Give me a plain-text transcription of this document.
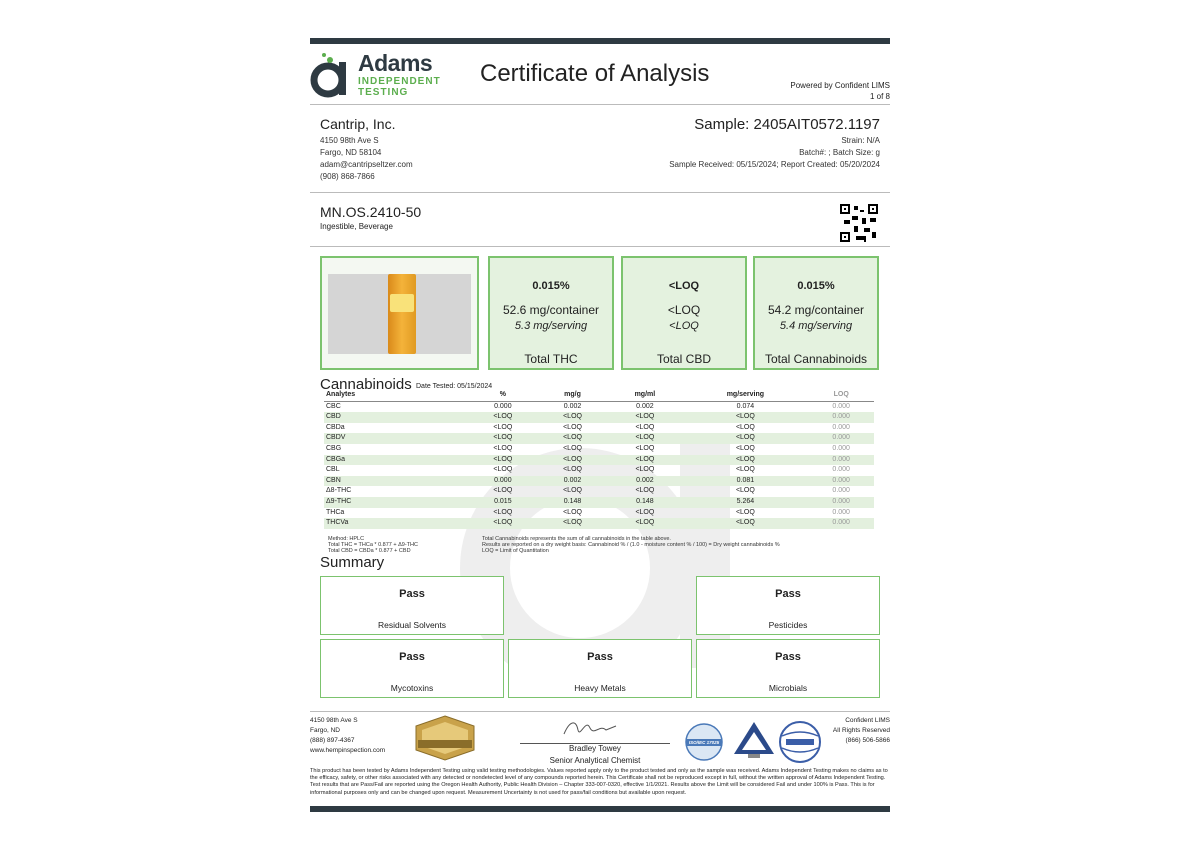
Adams
INDEPENDENT
TESTING
Certificate of Analysis	Powered by Confident LIMS
1 of 8
Cantrip, Inc.
4150 98th Ave S
Fargo, ND 58104
adam@cantripseltzer.com
(908) 868-7866
Sample: 2405AIT0572.1197
Strain: N/A
Batch#: ; Batch Size: g
Sample Received: 05/15/2024; Report Created: 05/20/2024
MN.OS.2410-50
Ingestible, Beverage
0.015%
52.6 mg/container
5.3 mg/serving
Total THC
<LOQ
<LOQ
<LOQ
Total CBD
0.015%
54.2 mg/container
5.4 mg/serving
Total Cannabinoids
Cannabinoids Date Tested: 05/15/2024
Analytes	%	mg/g	mg/ml	mg/serving	LOQ
CBC	0.000	0.002	0.002	0.074	0.000
CBD	<LOQ	<LOQ	<LOQ	<LOQ	0.000
CBDa	<LOQ	<LOQ	<LOQ	<LOQ	0.000
CBDV	<LOQ	<LOQ	<LOQ	<LOQ	0.000
CBG	<LOQ	<LOQ	<LOQ	<LOQ	0.000
CBGa	<LOQ	<LOQ	<LOQ	<LOQ	0.000
CBL	<LOQ	<LOQ	<LOQ	<LOQ	0.000
CBN	0.000	0.002	0.002	0.081	0.000
Δ8-THC	<LOQ	<LOQ	<LOQ	<LOQ	0.000
Δ9-THC	0.015	0.148	0.148	5.264	0.000
THCa	<LOQ	<LOQ	<LOQ	<LOQ	0.000
THCVa	<LOQ	<LOQ	<LOQ	<LOQ	0.000
Method: HPLC
Total THC = THCa * 0.877 + Δ9-THC
Total CBD = CBDa * 0.877 + CBD
Total Cannabinoids represents the sum of all cannabinoids in the table above.
Results are reported on a dry weight basis: Cannabinoid % / (1.0 - moisture content % / 100) = Dry weight cannabinoids %
LOQ = Limit of Quantitation
Summary
Pass
Residual Solvents
Pass
Pesticides
Pass
Mycotoxins
Pass
Heavy Metals
Pass
Microbials
4150 98th Ave S
Fargo, ND
(888) 897-4367
www.hempinspection.com	Bradley Towey
Senior Analytical Chemist
ISO/IEC 17025
Confident LIMS
All Rights Reserved
(866) 506-5866
This product has been tested by Adams Independent Testing using valid testing methodologies. Values reported apply only to the product tested and only as the sample was received. Adams Independent Testing makes no claims as to the efficacy, safety, or other risks associated with any detected or nondetected level of any compounds reported herein. This Certificate shall not be reproduced except in full, without the written approval of Adams Independent Testing. Test results that are Pass/Fail are reported using the Oregon Health Authority, Public Health Division – Chapter 333-007-0320, effective 1/1/2021. Results above the Limit will be considered Fail and under 100% is Pass. This is for informational purposes only and can be changed upon request. Measurement Uncertainty is not used for pass/fail conditions but available upon request.
